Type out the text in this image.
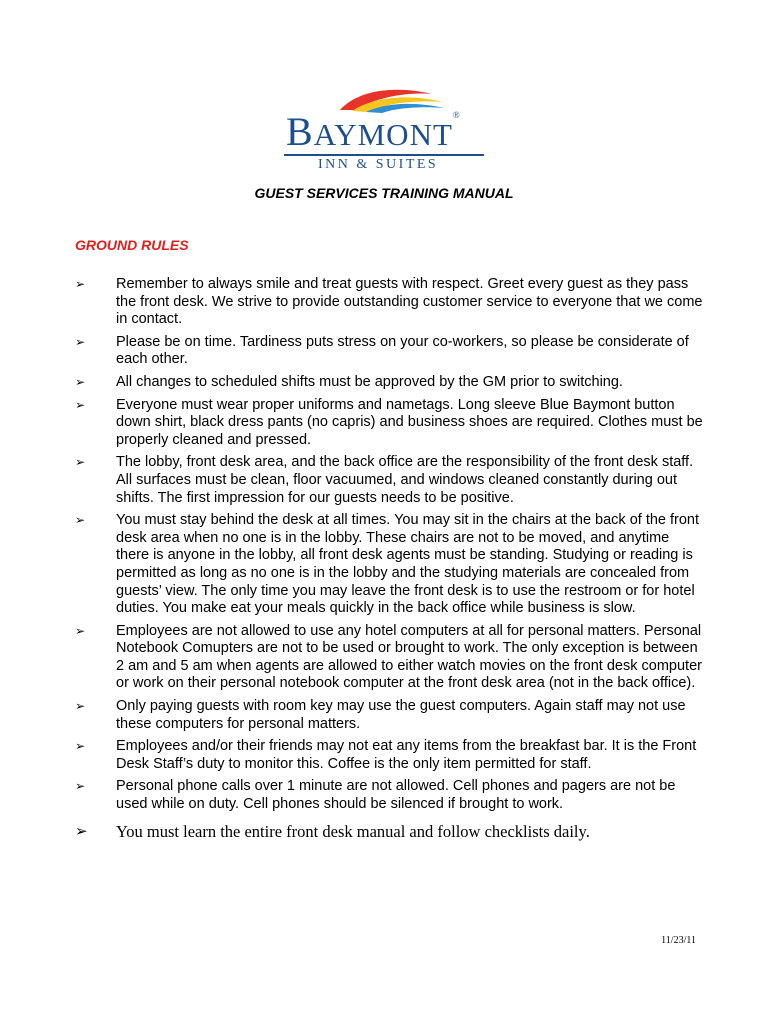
BAYMONT®
INN & SUITES
GUEST SERVICES TRAINING MANUAL
GROUND RULES
➢ Remember to always smile and treat guests with respect. Greet every guest as they pass the front desk. We strive to provide outstanding customer service to everyone that we come in contact.
➢ Please be on time. Tardiness puts stress on your co-workers, so please be considerate of each other.
➢ All changes to scheduled shifts must be approved by the GM prior to switching.
➢ Everyone must wear proper uniforms and nametags. Long sleeve Blue Baymont button down shirt, black dress pants (no capris) and business shoes are required. Clothes must be properly cleaned and pressed.
➢ The lobby, front desk area, and the back office are the responsibility of the front desk staff. All surfaces must be clean, floor vacuumed, and windows cleaned constantly during out shifts. The first impression for our guests needs to be positive.
➢ You must stay behind the desk at all times. You may sit in the chairs at the back of the front desk area when no one is in the lobby. These chairs are not to be moved, and anytime there is anyone in the lobby, all front desk agents must be standing. Studying or reading is permitted as long as no one is in the lobby and the studying materials are concealed from guests’ view. The only time you may leave the front desk is to use the restroom or for hotel duties. You make eat your meals quickly in the back office while business is slow.
➢ Employees are not allowed to use any hotel computers at all for personal matters. Personal Notebook Comupters are not to be used or brought to work. The only exception is between 2 am and 5 am when agents are allowed to either watch movies on the front desk computer or work on their personal notebook computer at the front desk area (not in the back office).
➢ Only paying guests with room key may use the guest computers. Again staff may not use these computers for personal matters.
➢ Employees and/or their friends may not eat any items from the breakfast bar. It is the Front Desk Staff’s duty to monitor this. Coffee is the only item permitted for staff.
➢ Personal phone calls over 1 minute are not allowed. Cell phones and pagers are not be used while on duty. Cell phones should be silenced if brought to work.
➢ You must learn the entire front desk manual and follow checklists daily.
11/23/11
